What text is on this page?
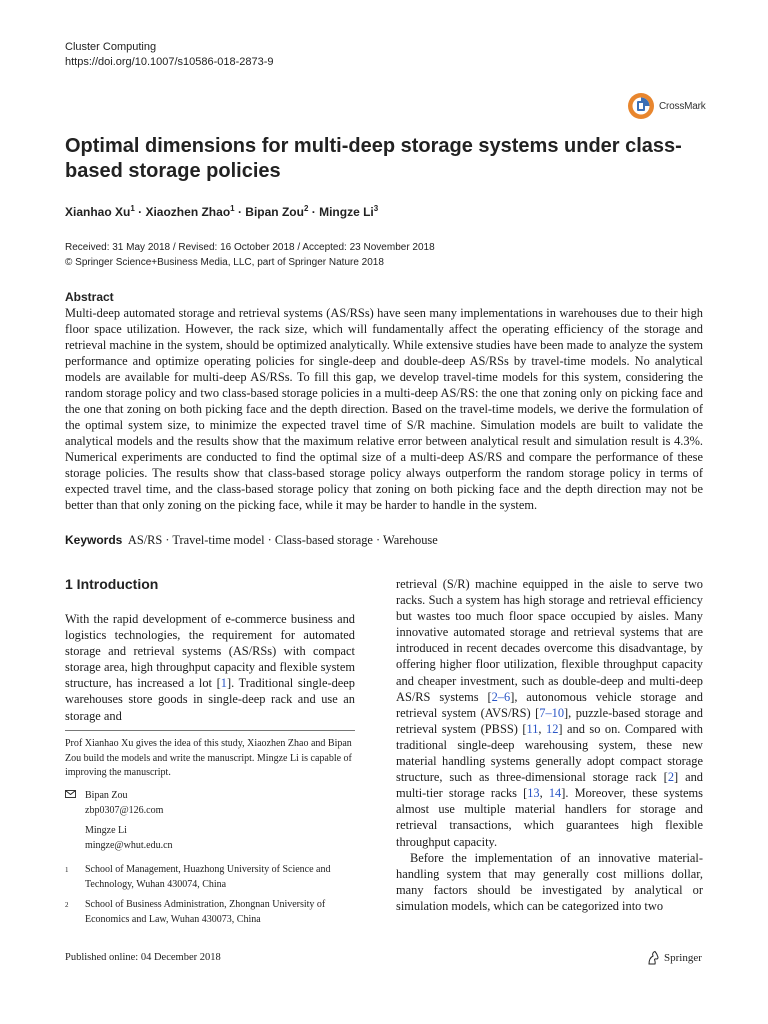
Cluster Computing
https://doi.org/10.1007/s10586-018-2873-9
CrossMark
Optimal dimensions for multi-deep storage systems under class-based storage policies
Xianhao $Xu^1$ · Xiaozhen Zhao$^1$ · Bipan Zou$^2$ · Mingze Li$^3$
Received: 31 May 2018 / Revised: 16 October 2018 / Accepted: 23 November 2018
© Springer Science+Business Media, LLC, part of Springer Nature 2018
Abstract
Multi-deep automated storage and retrieval systems (AS/RSs) have seen many implementations in warehouses due to their high floor space utilization. However, the rack size, which will fundamentally affect the operating efficiency of the storage and retrieval machine in the system, should be optimized analytically. While extensive studies have been made to analyze the system performance and optimize operating policies for single-deep and double-deep AS/RSs by travel-time models. No analytical models are available for multi-deep AS/RSs. To fill this gap, we develop travel-time models for this system, considering the random storage policy and two class-based storage policies in a multi-deep AS/RS: the one that zoning only on picking face and the one that zoning on both picking face and the depth direction. Based on the travel-time models, we derive the formulation of the optimal system size, to minimize the expected travel time of S/R machine. Simulation models are built to validate the analytical models and the results show that the maximum relative error between analytical result and simulation result is 4.3%. Numerical experiments are conducted to find the optimal size of a multi-deep AS/RS and compare the performance of these storage policies. The results show that class-based storage policy always outperform the random storage policy in terms of expected travel time, and the class-based storage policy that zoning on both picking face and the depth direction may not be better than that only zoning on the picking face, while it may be harder to handle in the system.
Keywords AS/RS · Travel-time model · Class-based storage · Warehouse
1 Introduction
With the rapid development of e-commerce business and logistics technologies, the requirement for automated storage and retrieval systems (AS/RSs) with compact storage area, high throughput capacity and flexible system structure, has increased a lot [1]. Traditional single-deep warehouses store goods in single-deep rack and use an storage and
Prof Xianhao Xu gives the idea of this study, Xiaozhen Zhao and Bipan Zou build the models and write the manuscript. Mingze Li is capable of improving the manuscript.
Bipan Zou
zbp0307@126.com
Mingze Li
mingze@whut.edu.cn
1	School of Management, Huazhong University of Science and Technology, Wuhan 430074, China
2	School of Business Administration, Zhongnan University of Economics and Law, Wuhan 430073, China
retrieval (S/R) machine equipped in the aisle to serve two racks. Such a system has high storage and retrieval efficiency but wastes too much floor space occupied by aisles. Many innovative automated storage and retrieval systems that are introduced in recent decades overcome this disadvantage, by offering higher floor utilization, flexible throughput capacity and cheaper investment, such as double-deep and multi-deep AS/RS systems [2–6], autonomous vehicle storage and retrieval system (AVS/RS) [7–10], puzzle-based storage and retrieval system (PBSS) [11, 12] and so on. Compared with traditional single-deep warehousing system, these new material handling systems generally adopt compact storage structure, such as three-dimensional storage rack [2] and multi-tier storage racks [13, 14]. Moreover, these systems almost use multiple material handlers for storage and retrieval transactions, which guarantees high flexible throughput capacity.
Before the implementation of an innovative material-handling system that may generally cost millions dollar, many factors should be investigated by analytical or simulation models, which can be categorized into two
Published online: 04 December 2018	Springer
